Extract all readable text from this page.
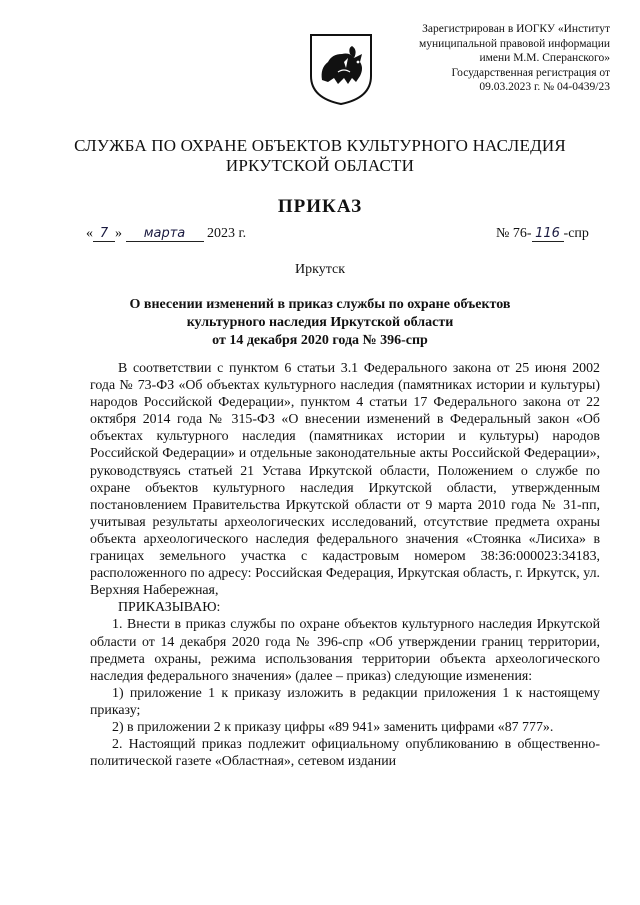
Зарегистрирован в ИОГКУ «Институт
муниципальной правовой информации
имени М.М. Сперанского»
Государственная регистрация от
09.03.2023 г. № 04-0439/23
СЛУЖБА ПО ОХРАНЕ ОБЪЕКТОВ КУЛЬТУРНОГО НАСЛЕДИЯ
ИРКУТСКОЙ ОБЛАСТИ
ПРИКАЗ
« 7 » марта 2023 г.	№ 76- 116 -спр
Иркутск
О внесении изменений в приказ службы по охране объектов
культурного наследия Иркутской области
от 14 декабря 2020 года № 396-спр

В соответствии с пунктом 6 статьи 3.1 Федерального закона от 25 июня 2002 года № 73-ФЗ «Об объектах культурного наследия (памятниках истории и культуры) народов Российской Федерации», пунктом 4 статьи 17 Федерального закона от 22 октября 2014 года № 315-ФЗ «О внесении изменений в Федеральный закон «Об объектах культурного наследия (памятниках истории и культуры) народов Российской Федерации» и отдельные законодательные акты Российской Федерации», руководствуясь статьей 21 Устава Иркутской области, Положением о службе по охране объектов культурного наследия Иркутской области, утвержденным постановлением Правительства Иркутской области от 9 марта 2010 года № 31-пп, учитывая результаты археологических исследований, отсутствие предмета охраны объекта археологического наследия федерального значения «Стоянка «Лисиха» в границах земельного участка с кадастровым номером 38:36:000023:34183, расположенного по адресу: Российская Федерация, Иркутская область, г. Иркутск, ул. Верхняя Набережная,

ПРИКАЗЫВАЮ:

1. Внести в приказ службы по охране объектов культурного наследия Иркутской области от 14 декабря 2020 года № 396-спр «Об утверждении границ территории, предмета охраны, режима использования территории объекта археологического наследия федерального значения» (далее – приказ) следующие изменения:

1) приложение 1 к приказу изложить в редакции приложения 1 к настоящему приказу;

2) в приложении 2 к приказу цифры «89 941» заменить цифрами «87 777».

2. Настоящий приказ подлежит официальному опубликованию в общественно-политической газете «Областная», сетевом издании
